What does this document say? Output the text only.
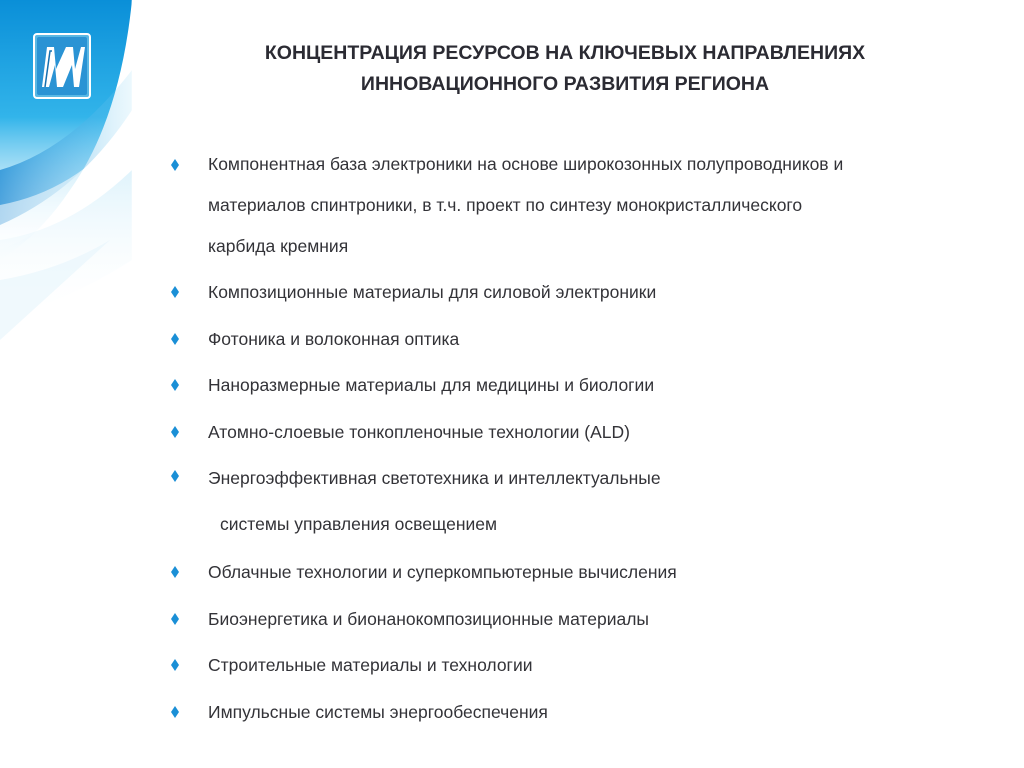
КОНЦЕНТРАЦИЯ РЕСУРСОВ НА КЛЮЧЕВЫХ НАПРАВЛЕНИЯХ
ИННОВАЦИОННОГО РАЗВИТИЯ РЕГИОНА
Компонентная база электроники на основе широкозонных полупроводников и
материалов спинтроники, в т.ч. проект по синтезу монокристаллического
карбида кремния
Композиционные материалы для силовой электроники
Фотоника и волоконная оптика
Наноразмерные материалы для медицины и биологии
Атомно-слоевые тонкопленочные технологии (ALD)
Энергоэффективная светотехника и интеллектуальные
системы управления освещением
Облачные технологии и суперкомпьютерные вычисления
Биоэнергетика и бионанокомпозиционные материалы
Строительные материалы и технологии
Импульсные системы энергообеспечения
